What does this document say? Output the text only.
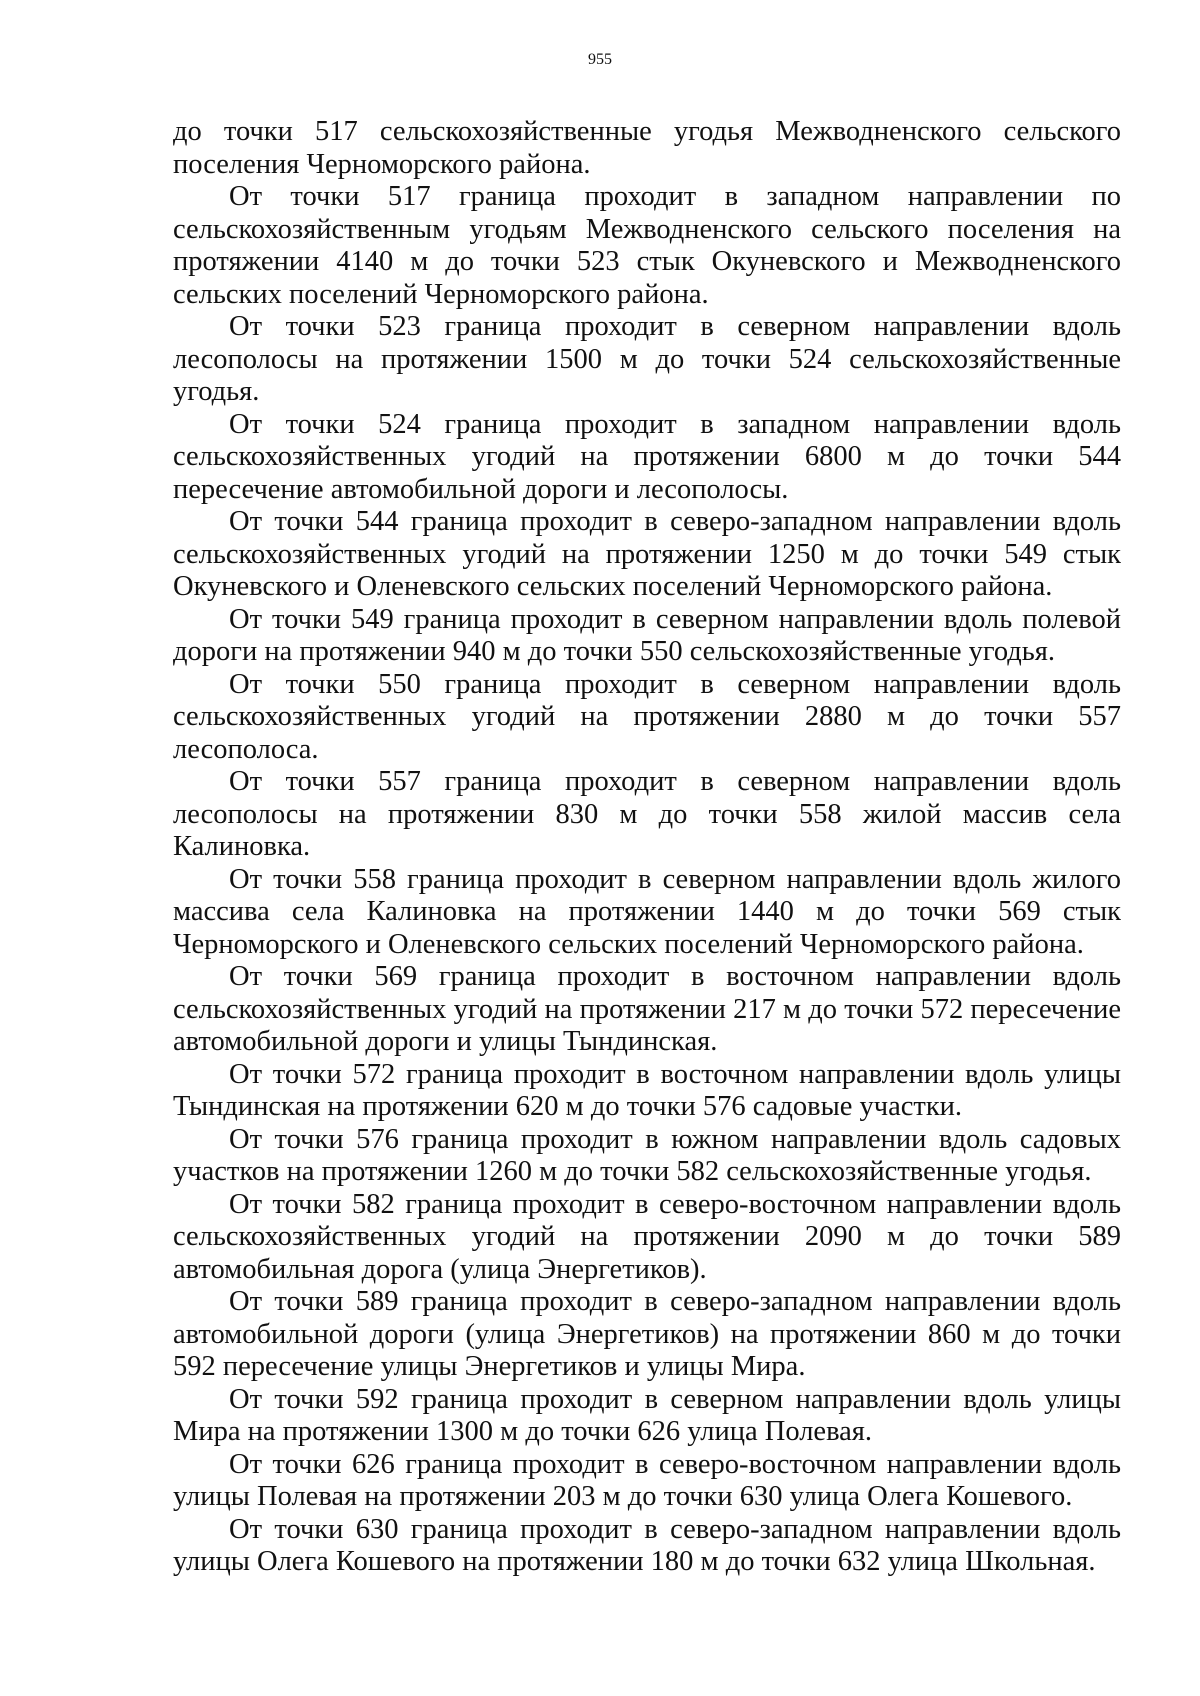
955

до точки 517 сельскохозяйственные угодья Межводненского сельского поселения Черноморского района.

От точки 517 граница проходит в западном направлении по сельскохозяйственным угодьям Межводненского сельского поселения на протяжении 4140 м до точки 523 стык Окуневского и Межводненского сельских поселений Черноморского района.

От точки 523 граница проходит в северном направлении вдоль лесополосы на протяжении 1500 м до точки 524 сельскохозяйственные угодья.

От точки 524 граница проходит в западном направлении вдоль сельскохозяйственных угодий на протяжении 6800 м до точки 544 пересечение автомобильной дороги и лесополосы.

От точки 544 граница проходит в северо-западном направлении вдоль сельскохозяйственных угодий на протяжении 1250 м до точки 549 стык Окуневского и Оленевского сельских поселений Черноморского района.

От точки 549 граница проходит в северном направлении вдоль полевой дороги на протяжении 940 м до точки 550 сельскохозяйственные угодья.

От точки 550 граница проходит в северном направлении вдоль сельскохозяйственных угодий на протяжении 2880 м до точки 557 лесополоса.

От точки 557 граница проходит в северном направлении вдоль лесополосы на протяжении 830 м до точки 558 жилой массив села Калиновка.

От точки 558 граница проходит в северном направлении вдоль жилого массива села Калиновка на протяжении 1440 м до точки 569 стык Черноморского и Оленевского сельских поселений Черноморского района.

От точки 569 граница проходит в восточном направлении вдоль сельскохозяйственных угодий на протяжении 217 м до точки 572 пересечение автомобильной дороги и улицы Тындинская.

От точки 572 граница проходит в восточном направлении вдоль улицы Тындинская на протяжении 620 м до точки 576 садовые участки.

От точки 576 граница проходит в южном направлении вдоль садовых участков на протяжении 1260 м до точки 582 сельскохозяйственные угодья.

От точки 582 граница проходит в северо-восточном направлении вдоль сельскохозяйственных угодий на протяжении 2090 м до точки 589 автомобильная дорога (улица Энергетиков).

От точки 589 граница проходит в северо-западном направлении вдоль автомобильной дороги (улица Энергетиков) на протяжении 860 м до точки 592 пересечение улицы Энергетиков и улицы Мира.

От точки 592 граница проходит в северном направлении вдоль улицы Мира на протяжении 1300 м до точки 626 улица Полевая.

От точки 626 граница проходит в северо-восточном направлении вдоль улицы Полевая на протяжении 203 м до точки 630 улица Олега Кошевого.

От точки 630 граница проходит в северо-западном направлении вдоль улицы Олега Кошевого на протяжении 180 м до точки 632 улица Школьная.
